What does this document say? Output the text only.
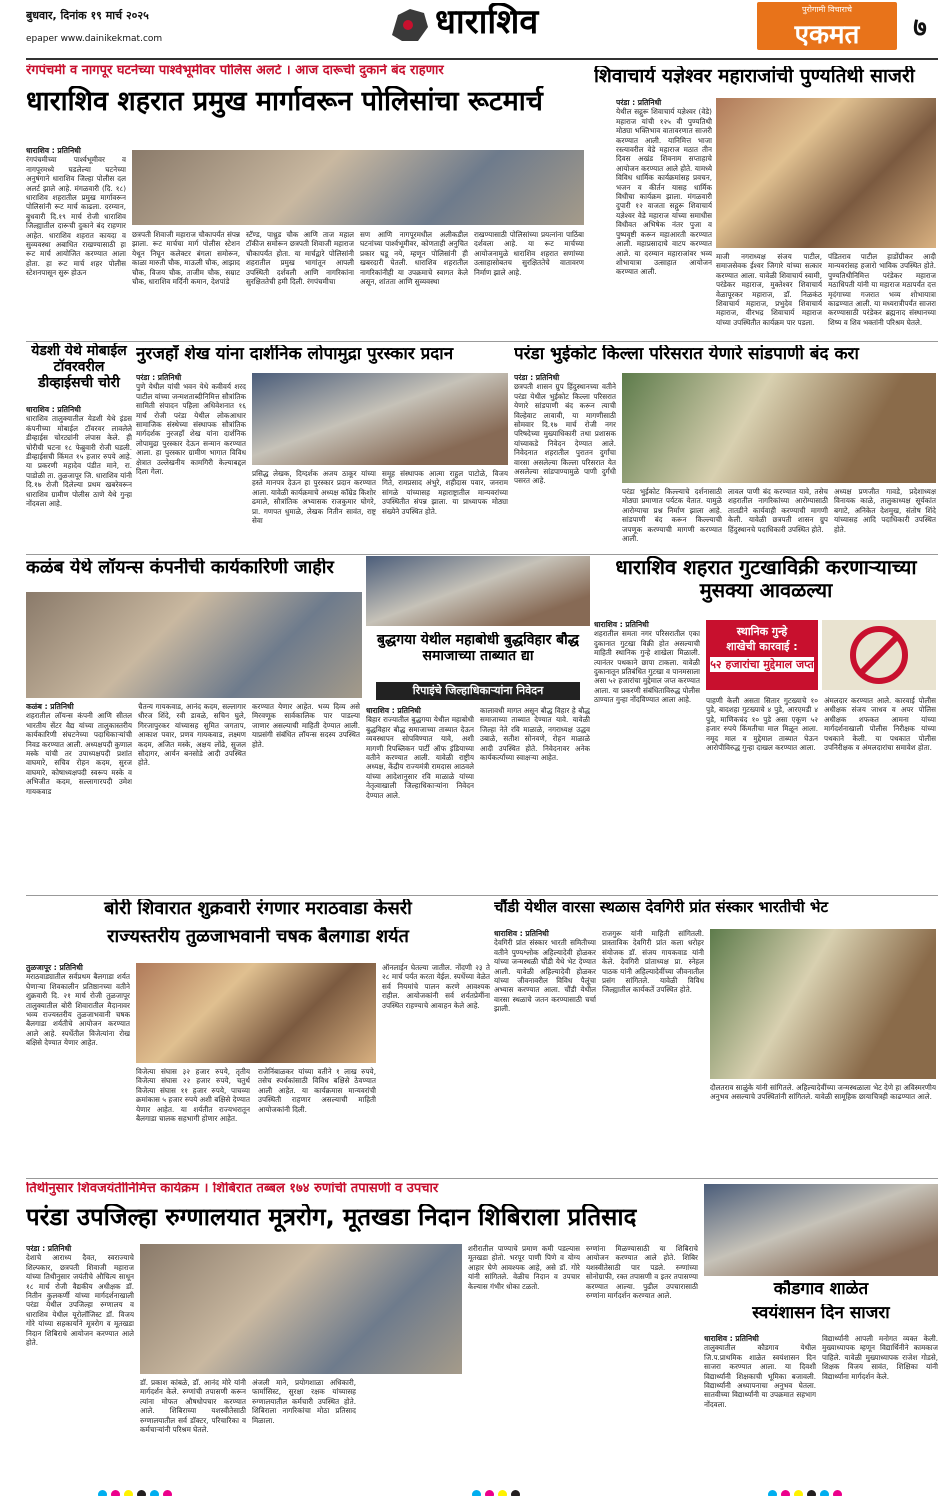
बुधवार, दिनांक १९ मार्च २०२५
epaper www.dainikekmat.com	धाराशिव	पुरोगामी विचाराचे
एकमत	७
रंगपंचमी व नागपूर घटनेच्या पार्श्वभूमीवर पोलिस अलर्ट । आज दारूची दुकाने बंद राहणार
धाराशिव शहरात प्रमुख मार्गावरून पोलिसांचा रूटमार्च
धाराशिव : प्रतिनिधी
रंगपंचमीच्या पार्श्वभूमीवर व नागपूरमध्ये घडलेल्या घटनेच्या अनुषंगाने धाराशिव जिल्हा पोलीस दल अलर्ट झाले आहे. मंगळवारी (दि. १८) धाराशिव शहरातील प्रमुख मार्गावरून पोलिसांनी रूट मार्च काढला. दरम्यान, बुधवारी दि.१९ मार्च रोजी धाराशिव जिल्ह्यातील दारूची दुकाने बंद राहणार आहेत. धाराशिव शहरात कायदा व सुव्यवस्था अबाधित राखण्यासाठी हा रूट मार्च आयोजित करण्यात आला होता. हा रूट मार्च शहर पोलीस स्टेशनपासून सुरू होऊन
छत्रपती शिवाजी महाराज चौकापर्यंत संपन्न झाला. रूट मार्चचा मार्ग पोलीस स्टेशन येथून निघून कलेक्टर बंगला समोरून, काळा मारुती चौक, माऊली चौक, आझाद चौक, विजय चौक, ताजीम चौक, सम्राट चौक, धाराशिव मर्दिनी कमान, देशपांडे
स्टॅण्ड, पाथ्रुड चौक आणि ताज महाल टॉकीज समोरून छत्रपती शिवाजी महाराज चौकापर्यंत होता. या मार्चद्वारे पोलिसांनी शहरातील प्रमुख भागांतून आपली उपस्थिती दर्शवली आणि नागरिकांना सुरक्षिततेची हमी दिली. रंगपंचमीचा
सण आणि नागपूरमधील अलीकडील घटनांच्या पार्श्वभूमीवर, कोणताही अनुचित प्रकार घडू नये, म्हणून पोलिसांनी ही खबरदारी घेतली. धाराशिव शहरातील नागरिकांनीही या उपक्रमाचे स्वागत केले असून, शांतता आणि सुव्यवस्था
राखण्यासाठी पोलिसांच्या प्रयत्नांना पाठिंबा दर्शवला आहे. या रूट मार्चच्या आयोजनामुळे धाराशिव शहरात सणांच्या उत्साहासोबतच सुरक्षिततेचे वातावरण निर्माण झाले आहे.
शिवाचार्य यज्ञेश्वर महाराजांची पुण्यतिथी साजरी
परंडा : प्रतिनिधी
येथील सद्गुरू शिवाचार्य यज्ञेश्वर (वेडे) महाराज यांची १२५ वी पुण्यतिथी मोठ्या भक्तिभाव वातावरणात साजरी करण्यात आली. यानिमित्त भाजा रस्त्यावरील वेडे महाराज मठात तीन दिवस अखंड शिवनाम सप्ताहाचे आयोजन करण्यात आले होते. यामध्ये विविध धार्मिक कार्यक्रमांसह प्रवचन, भजन व कीर्तन यासह धार्मिक विधीचा कार्यक्रम झाला. मंगळवारी दुपारी १२ वाजता सद्गुरू शिवाचार्य यज्ञेश्वर वेडे महाराज यांच्या समाधीस विधीवत अभिषेक नंतर पुजा व पुष्पवृष्टी करून महाआरती करण्यात आली. महाप्रसादाचे वाटप करण्यात आले. या दरम्यान महाराजांवर भव्य शोभायात्रा उत्साहात आयोजन करण्यात आली.
माजी नगराध्यक्ष संजय पाटील, समाजसेवक ईश्वर जिगारे यांच्या सत्कार करण्यात आला. यावेळी शिवाचार्य स्वामी, परंडेकर महाराज, मुक्तेश्वर शिवाचार्य वेळापूरकर महाराज, डॉ. निळकंठ शिवाचार्य महाराज, प्रभुदेव शिवाचार्य महाराज, वीरभद्र शिवाचार्य महाराज यांच्या उपस्थितीत कार्यक्रम पार पडला.
पंडितराव पाटील हाडोंग्रीकर आदी मान्यवरांसह हजारो भाविक उपस्थित होते. पुण्यतिथीनिमित्त परंडेकर महाराज मठाधिपती यांनी या महाराज मठापर्यंत दत्त मृदंगाच्या गजरात भव्य शोभायात्रा काढण्यात आली. या मध्यरात्रीपर्यंत साजरा करण्यासाठी परंडेकर ब्रह्मनाद संस्थानच्या शिष्य व शिव भक्तांनी परिश्रम घेतले.
येडशी येथे मोबाईल टॉवरवरील डीव्हाईसची चोरी
धाराशिव : प्रतिनिधी
धाराशिव तालुक्यातील येडशी येथे इंडस कंपनीच्या मोबाईल टॉवरवर लावलेले डीव्हाईस चोरट्यांनी लंपास केले. ही चोरीची घटना १८ फेब्रुवारी रोजी घडली. डीव्हाईसची किंमत १५ हजार रुपये आहे. या प्रकरणी महादेव पंडीत माने, रा. पाडोळी ता. तुळजापूर जि. धाराशिव यांनी दि.१७ रोजी दिलेल्या प्रथम खबरेवरून धाराशिव ग्रामीण पोलीस ठाणे येथे गुन्हा नोंदवला आहे.
नुरजहाँ शेख यांना दार्शनिक लोपामुद्रा पुरस्कार प्रदान
परंडा : प्रतिनिधी
पुणे येथील यांची भवन येथे कवीवर्य शरद पाटील यांच्या जन्मशताब्दीनिमित्त सौत्रांतिक सामिती संपादन पहिला अधिवेशनात १६ मार्च रोजी परंडा येथील लोकआधार सामाजिक संस्थेच्या संस्थापक सौत्रांतिक मार्गदर्शक नुरजहाँ शेख यांना दार्शनिक लोपामुद्रा पुरस्कार देऊन सन्मान करण्यात आला. हा पुरस्कार ग्रामीण भागात विविध क्षेत्रात उल्लेखनीय कामगिरी केल्याबद्दल दिला गेला.	प्रसिद्ध लेखक, दिग्दर्शक अजय ठाकूर यांच्या हस्ते मानपत्र देऊन हा पुरस्कार प्रदान करण्यात आला. यावेळी कार्यक्रमाचे अध्यक्ष कॉम्रेड किशोर ढमाले, सौत्रांतिक अभ्यासक राजकुमार घोगरे, प्रा. गणपत धुमाळे, लेखक नितीन सावंत, राष्ट्र सेवा
समूह संस्थापक आत्मा राहुल पाटोळे, विजय गिते, रामप्रसाद अंभुरे, शहीदास पवार, जनराम सांगळे यांच्यासह महाराष्ट्रातील मान्यवरांच्या उपस्थितीत संपन्न झाला. या प्राध्यापक मोठ्या संख्येने उपस्थित होते.
परंडा भुईकोट किल्ला परिसरात येणारे सांडपाणी बंद करा
परंडा : प्रतिनिधी
छत्रपती शासन ग्रुप हिंदुस्थानच्या वतीने परंडा येथील भुईकोट किल्ला परिसरात येणारे सांडपाणी बंद करून त्याची विल्हेवाट लावावी, या मागणीसाठी सोमवार दि.१७ मार्च रोजी नगर परिषदेच्या मुख्याधिकारी तथा प्रशासक यांच्याकडे निवेदन देण्यात आले. निवेदनात शहरातील पुरातन दुर्गांचा वारसा असलेल्या किल्ला परिसरात येत असलेल्या सांडपाण्यामुळे पाणी दुर्गंधी पसरत आहे.
परंडा भुईकोट किल्ल्याचे दर्शनासाठी मोठ्या प्रमाणात पर्यटक येतात. यामुळे आरोग्याचा प्रश्न निर्माण झाला आहे. सांडपाणी बंद करून किल्ल्याची जपणूक करण्याची मागणी करण्यात आली.
लावल पाणी बंद करण्यात यावे, तसेच शहरातील नागरिकांच्या आरोग्यासाठी तातडीने कार्यवाही करण्याची मागणी केली. यावेळी छत्रपती शासन ग्रुप हिंदुस्थानचे पदाधिकारी उपस्थित होते.
अध्यक्ष प्रणजीत गावडे, प्रदेशाध्यक्ष विनायक काळे, तालुकाध्यक्ष सूर्यकांत बगाटे, अनिकेत देशमुख, संतोष शिंदे यांच्यासह आदि पदाधिकारी उपस्थित होते.
कळंब येथे लॉयन्स कंपनीची कार्यकारिणी जाहीर
कळंब : प्रतिनिधी
शहरातील लॉयन्स कंपनी आणि सीतल भारतीय सेंटर वैद्य यांच्या तालुकास्तरीय कार्यकारिणी संघटनेच्या पदाधिकाऱ्यांची निवड करण्यात आली. अध्यक्षपदी कुणाल मस्के यांची तर उपाध्यक्षपदी प्रशांत वाघमारे, सचिव रोहन कदम, सुरज वाघमारे, कोषाध्यक्षपदी स्वरूप मस्के व अभिजीत कदम, सल्लागारपदी उमेश गायकवाड
चैतन्य गायकवाड, आनंद कदम, सल्लागार धीरज शिंदे, रवी डावळे, सचिन घुले, गिरजापुरकर यांच्यासह सुमित जगताप, आकाश पवार, प्रणव गायकवाड, लक्ष्मण कदम, अजित मस्के, अक्षय लोंढे, सुजल सौदागर, आर्यन बनसोडे आदी उपस्थित होते.
करण्यात येणार आहेत. भव्य दिव्य असे मिरवणूक सार्वकालिक पार पाडल्या जाणार असल्याची माहिती देण्यात आली. याप्रसंगी संबंधित लॉयन्स सदस्य उपस्थित होते.
बुद्धगया येथील महाबोधी बुद्धविहार बौद्ध समाजाच्या ताब्यात द्या
रिपाइंचे जिल्हाधिकाऱ्यांना निवेदन
धाराशिव : प्रतिनिधी
बिहार राज्यातील बुद्धगया येथील महाबोधी बुद्धविहार बौद्ध समाजाच्या ताब्यात देऊन व्यवस्थापन सोपविण्यात यावे, अशी मागणी रिपब्लिकन पार्टी ऑफ इंडियाच्या वतीने करण्यात आली. यावेळी राष्ट्रीय अध्यक्ष, केंद्रीय राज्यमंत्री रामदास आठवले यांच्या आदेशानुसार रवि माळाळे यांच्या नेतृत्वाखाली जिल्हाधिकाऱ्यांना निवेदन देण्यात आले.
कालावधी मागत असून बौद्ध विहार हे बौद्ध समाजाच्या ताब्यात देण्यात यावे. यावेळी जिल्हा नेते रवि माळाळे, नगराध्यक्ष उद्धव उबाळे, सतीश सोनवणे, रोहन माळाळे आदी उपस्थित होते. निवेदनावर अनेक कार्यकर्त्यांच्या स्वाक्षऱ्या आहेत.
धाराशिव शहरात गुटखाविक्री करणाऱ्याच्या मुसक्या आवळल्या
धाराशिव : प्रतिनिधी
शहरातील समता नगर परिसरातील एका दुकानात गुटखा विक्री होत असल्याची माहिती स्थानिक गुन्हे शाखेला मिळाली. त्यानंतर पथकाने छापा टाकला. यावेळी दुकानातून प्रतिबंधित गुटखा व पानमसाला असा ५२ हजारांचा मुद्देमाल जप्त करण्यात आला. या प्रकरणी संबंधिताविरुद्ध पोलीस ठाण्यात गुन्हा नोंदविण्यात आला आहे.
स्थानिक गुन्हे
शाखेची कारवाई :
५२ हजारांचा मुद्देमाल जप्त
पाहणी केली असता सितार गुटख्याचे १० पुडे, बादशहा गुटख्याचे ४ पुडे, आरएमडी ४ पुडे, माणिकचंद १० पुडे असा एकूण ५२ हजार रुपये किंमतीचा माल मिळून आला. नमूद माल व मुद्देमाल ताब्यात घेऊन आरोपीविरुद्ध गुन्हा दाखल करण्यात आला.
अंमलदार करण्यात आले. कारवाई पोलीस अधीक्षक संजय जाधव व अपर पोलिस अधीक्षक शफकत आमना यांच्या मार्गदर्शनाखाली पोलीस निरीक्षक यांच्या पथकाने केली. या पथकात पोलीस उपनिरीक्षक व अंमलदारांचा समावेश होता.
बोरी शिवारात शुक्रवारी रंगणार मराठवाडा केसरी
राज्यस्तरीय तुळजाभवानी चषक बैलगाडा शर्यत
तुळजापूर : प्रतिनिधी
मराठवाड्यातील सर्वप्रथम बैलगाडा शर्यत घेणाऱ्या शिवकालीन प्रतिष्ठानच्या वतीने शुक्रवारी दि. २१ मार्च रोजी तुळजापूर तालुक्यातील बोरी शिवारातील मैदानावर भव्य राज्यस्तरीय तुळजाभवानी चषक बैलगाडा शर्यतीचे आयोजन करण्यात आले आहे. स्पर्धेतील विजेत्यांना रोख बक्षिसे देण्यात येणार आहेत.
विजेत्या संघास ३२ हजार रुपये, तृतीय विजेत्या संघास २२ हजार रुपये, चतुर्थ विजेत्या संघास ११ हजार रुपये, पाचव्या क्रमांकास ५ हजार रुपये अशी बक्षिसे देण्यात येणार आहेत. या शर्यतीत राज्यभरातून बैलगाडा चालक सहभागी होणार आहेत.
ऑनलाईन घेतल्या जातील. नोंदणी २३ ते २८ मार्च पर्यंत करता येईल. स्पर्धेच्या वेळेत सर्व नियमांचे पालन करणे आवश्यक राहील. आयोजकांनी सर्व शर्यतप्रेमींना उपस्थित राहण्याचे आवाहन केले आहे.
राजेनिंबाळकर यांच्या वतीने १ लाख रुपये, तसेच स्पर्धकांसाठी विविध बक्षिसे ठेवण्यात आली आहेत. या कार्यक्रमास मान्यवरांची उपस्थिती राहणार असल्याची माहिती आयोजकांनी दिली.
चौंडी येथील वारसा स्थळास देवगिरी प्रांत संस्कार भारतीची भेट
धाराशिव : प्रतिनिधी
देवगिरी प्रांत संस्कार भारती समितीच्या वतीने पुण्यश्लोक अहिल्यादेवी होळकर यांच्या जन्मस्थळी चौंडी येथे भेट देण्यात आली. यावेळी अहिल्यादेवी होळकर यांच्या जीवनावरील विविध पैलूंचा अभ्यास करण्यात आला. चौंडी येथील वारसा स्थळाचे जतन करण्यासाठी चर्चा झाली.
राजगुरू यांनी माहिती सांगितली. प्रास्ताविक देवगिरी प्रांत कला धरोहर संयोजक डॉ. संजय गायकवाड यांनी केले. देवगिरी प्रांताध्यक्ष प्रा. स्नेहल पाठक यांनी अहिल्यादेवींच्या जीवनातील प्रसंग सांगितले. यावेळी विविध जिल्ह्यातील कार्यकर्ते उपस्थित होते.
दौलतराव साळुंके यांनी सांगितले. अहिल्यादेवींच्या जन्मस्थळाला भेट देणे हा अविस्मरणीय अनुभव असल्याचे उपस्थितांनी सांगितले. यावेळी सामूहिक छायाचित्रही काढण्यात आले.
तिथीनुसार शिवजयंतीनिमित्त कार्यक्रम । शिबिरात तब्बल १७४ रुणांची तपासणी व उपचार
परंडा उपजिल्हा रुग्णालयात मूत्ररोग, मूतखडा निदान शिबिराला प्रतिसाद
परंडा : प्रतिनिधी
देशाचे आराध्य दैवत, स्वराज्याचे शिल्पकार, छत्रपती शिवाजी महाराज यांच्या तिथीनुसार जयंतीचे औचित्य साधून १८ मार्च रोजी वैद्यकीय अधीक्षक डॉ. नितीन कुलकर्णी यांच्या मार्गदर्शनाखाली परंडा येथील उपजिल्हा रुग्णालय व धाराशिव येथील यूरोलॉजिस्ट डॉ. विजय गोरे यांच्या सहकार्याने मूत्ररोग व मूतखडा निदान शिबिराचे आयोजन करण्यात आले होते.
डॉ. प्रकाश कांबळे, डॉ. आनंद मोरे यांनी मार्गदर्शन केले. रुग्णांची तपासणी करून त्यांना मोफत औषधोपचार करण्यात आले. शिबिराच्या यशस्वीतेसाठी रुग्णालयातील सर्व डॉक्टर, परिचारिका व कर्मचाऱ्यांनी परिश्रम घेतले.
अंजली माने, प्रयोगशाळा अधिकारी, फार्मासिस्ट, सुरक्षा रक्षक यांच्यासह रुग्णालयातील कर्मचारी उपस्थित होते. शिबिराला नागरिकांचा मोठा प्रतिसाद मिळाला.
शरीरातील पाण्याचे प्रमाण कमी पडल्यास मूतखडा होतो. भरपूर पाणी पिणे व योग्य आहार घेणे आवश्यक आहे, असे डॉ. गोरे यांनी सांगितले. वेळीच निदान व उपचार केल्यास गंभीर धोका टळतो.
रुग्णांना मिळण्यासाठी या शिबिराचे आयोजन करण्यात आले होते. शिबिर यशस्वीतेसाठी पार पडले. रुग्णांच्या सोनोग्राफी, रक्त तपासणी व इतर तपासण्या करण्यात आल्या. पुढील उपचारासाठी रुग्णांना मार्गदर्शन करण्यात आले.	कौडगाव शाळेत
स्वयंशासन दिन साजरा
धाराशिव : प्रतिनिधी
तालुक्यातील कौडगाव येथील जि.प.प्राथमिक शाळेत स्वयंशासन दिन साजरा करण्यात आला. या दिवशी विद्यार्थ्यांनी शिक्षकाची भूमिका बजावली. विद्यार्थ्यांनी अध्यापनाचा अनुभव घेतला. सातवीच्या विद्यार्थ्यांनी या उपक्रमात सहभाग नोंदवला.
विद्यार्थ्यांनी आपली मनोगत व्यक्त केली. मुख्याध्यापक म्हणून विद्यार्थिनीने कामकाज पाहिले. यावेळी मुख्याध्यापक राजेश गोडसे, शिक्षक विजय सावंत, शिक्षिका यांनी विद्यार्थ्यांना मार्गदर्शन केले.
